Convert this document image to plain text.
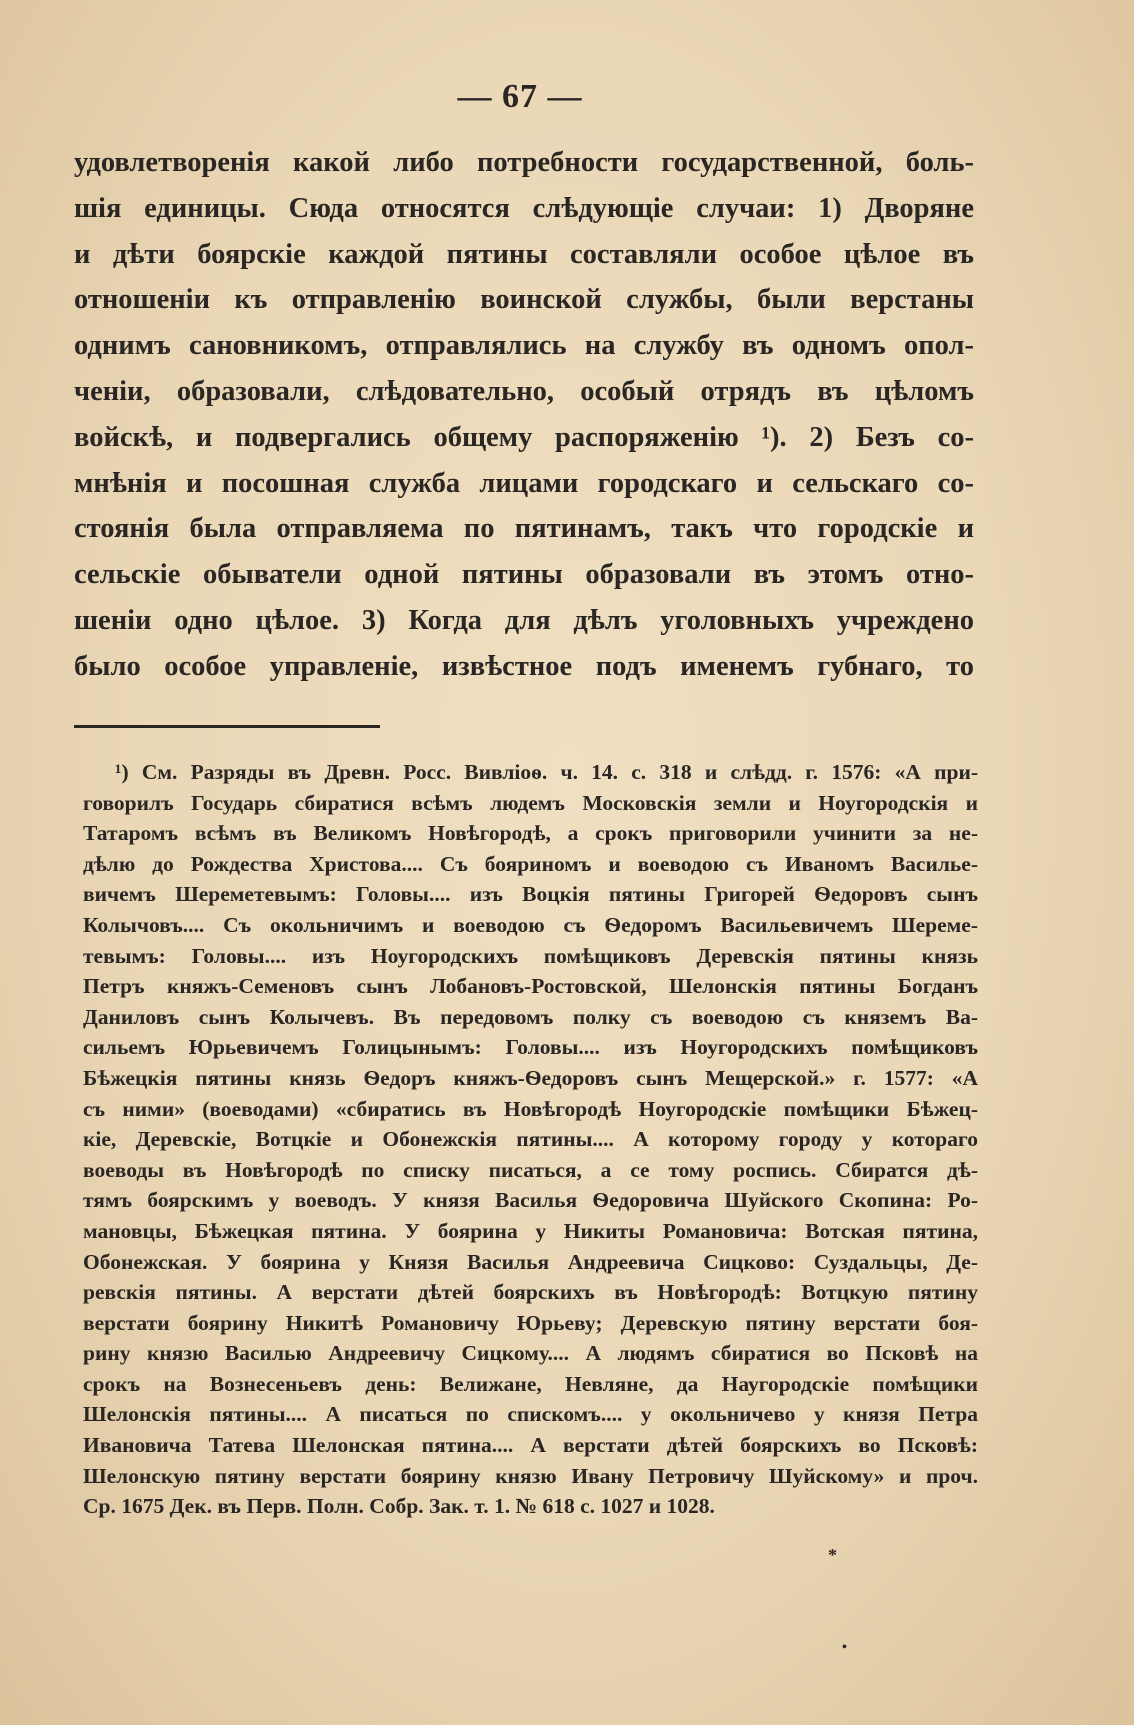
— 67 —
удовлетворенія какой либо потребности государственной, боль-
шія единицы. Сюда относятся слѣдующіе случаи: 1) Дворяне
и дѣти боярскіе каждой пятины составляли особое цѣлое въ
отношеніи къ отправленію воинской службы, были верстаны
однимъ сановникомъ, отправлялись на службу въ одномъ опол-
ченіи, образовали, слѣдовательно, особый отрядъ въ цѣломъ
войскѣ, и подвергались общему распоряженію ¹). 2) Безъ со-
мнѣнія и посошная служба лицами городскаго и сельскаго со-
стоянія была отправляема по пятинамъ, такъ что городскіе и
сельскіе обыватели одной пятины образовали въ этомъ отно-
шеніи одно цѣлое. 3) Когда для дѣлъ уголовныхъ учреждено
было особое управленіе, извѣстное подъ именемъ губнаго, то
¹) См. Разряды въ Древн. Росс. Вивліоѳ. ч. 14. с. 318 и слѣдд. г. 1576: «А при-
говорилъ Государь сбиратися всѣмъ людемъ Московскія земли и Ноугородскія и
Татаромъ всѣмъ въ Великомъ Новѣгородѣ, а срокъ приговорили учинити за не-
дѣлю до Рождества Христова.... Съ бояриномъ и воеводою съ Иваномъ Василье-
вичемъ Шереметевымъ: Головы.... изъ Воцкія пятины Григорей Ѳедоровъ сынъ
Колычовъ.... Съ окольничимъ и воеводою съ Ѳедоромъ Васильевичемъ Шереме-
тевымъ: Головы.... изъ Ноугородскихъ помѣщиковъ Деревскія пятины князь
Петръ княжъ-Семеновъ сынъ Лобановъ-Ростовской, Шелонскія пятины Богданъ
Даниловъ сынъ Колычевъ. Въ передовомъ полку съ воеводою съ княземъ Ва-
сильемъ Юрьевичемъ Голицынымъ: Головы.... изъ Ноугородскихъ помѣщиковъ
Бѣжецкія пятины князь Ѳедоръ княжъ-Ѳедоровъ сынъ Мещерской.» г. 1577: «А
съ ними» (воеводами) «сбиратись въ Новѣгородѣ Ноугородскіе помѣщики Бѣжец-
кіе, Деревскіе, Вотцкіе и Обонежскія пятины.... А которому городу у котораго
воеводы въ Новѣгородѣ по списку писаться, а се тому роспись. Сбиратся дѣ-
тямъ боярскимъ у воеводъ. У князя Василья Ѳедоровича Шуйского Скопина: Ро-
мановцы, Бѣжецкая пятина. У боярина у Никиты Романовича: Вотская пятина,
Обонежская. У боярина у Князя Василья Андреевича Сицково: Суздальцы, Де-
ревскія пятины. А верстати дѣтей боярскихъ въ Новѣгородѣ: Вотцкую пятину
верстати боярину Никитѣ Романовичу Юрьеву; Деревскую пятину верстати боя-
рину князю Василью Андреевичу Сицкому.... А людямъ сбиратися во Псковѣ на
срокъ на Вознесеньевъ день: Велижане, Невляне, да Наугородскіе помѣщики
Шелонскія пятины.... А писаться по спискомъ.... у окольничево у князя Петра
Ивановича Татева Шелонская пятина.... А верстати дѣтей боярскихъ во Псковѣ:
Шелонскую пятину верстати боярину князю Ивану Петровичу Шуйскому» и проч.
Ср. 1675 Дек. въ Перв. Полн. Собр. Зак. т. 1. № 618 с. 1027 и 1028.
*
•
